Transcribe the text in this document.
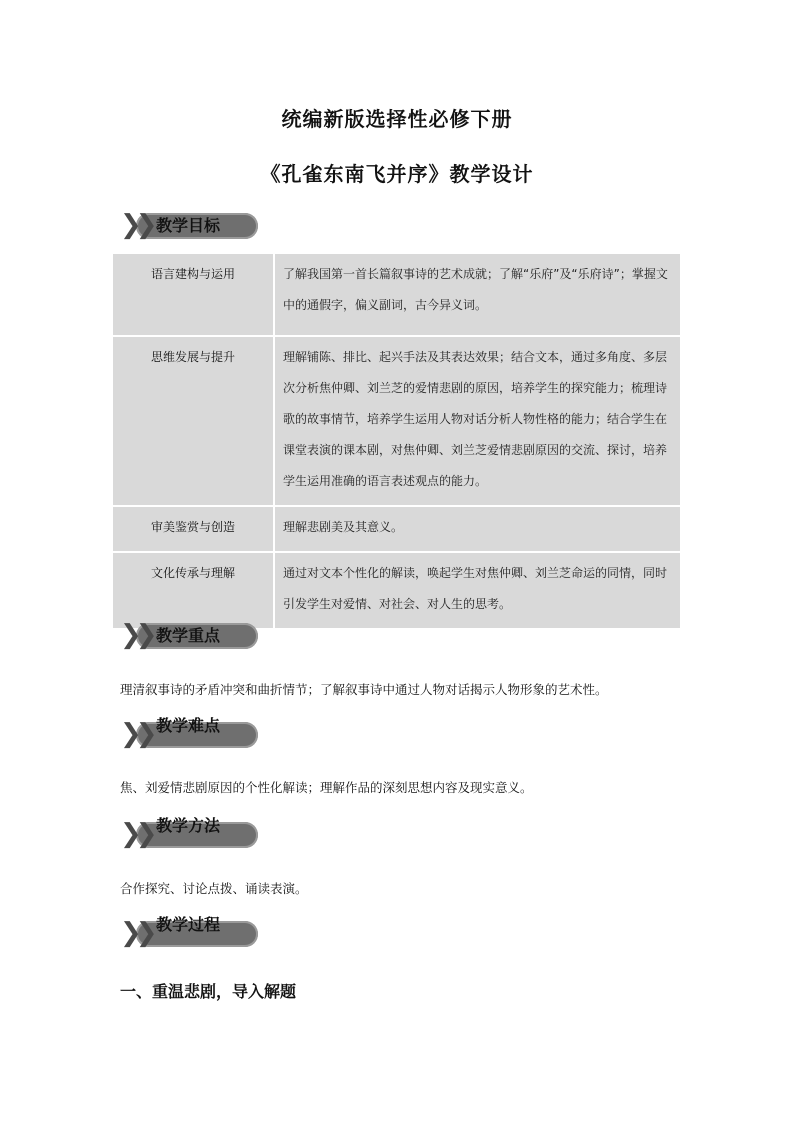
统编新版选择性必修下册
《孔雀东南飞并序》教学设计
❯❯ 教学目标
语言建构与运用	了解我国第一首长篇叙事诗的艺术成就；了解“乐府”及“乐府诗”；掌握文中的通假字，偏义副词，古今异义词。
思维发展与提升	理解铺陈、排比、起兴手法及其表达效果；结合文本，通过多角度、多层次分析焦仲卿、刘兰芝的爱情悲剧的原因，培养学生的探究能力；梳理诗歌的故事情节，培养学生运用人物对话分析人物性格的能力；结合学生在课堂表演的课本剧，对焦仲卿、刘兰芝爱情悲剧原因的交流、探讨，培养学生运用准确的语言表述观点的能力。
审美鉴赏与创造	理解悲剧美及其意义。
文化传承与理解	通过对文本个性化的解读，唤起学生对焦仲卿、刘兰芝命运的同情，同时引发学生对爱情、对社会、对人生的思考。
❯❯ 教学重点
理清叙事诗的矛盾冲突和曲折情节；了解叙事诗中通过人物对话揭示人物形象的艺术性。
❯❯ 教学难点
焦、刘爱情悲剧原因的个性化解读；理解作品的深刻思想内容及现实意义。
❯❯ 教学方法
合作探究、讨论点拨、诵读表演。
❯❯ 教学过程
一、重温悲剧，导入解题
